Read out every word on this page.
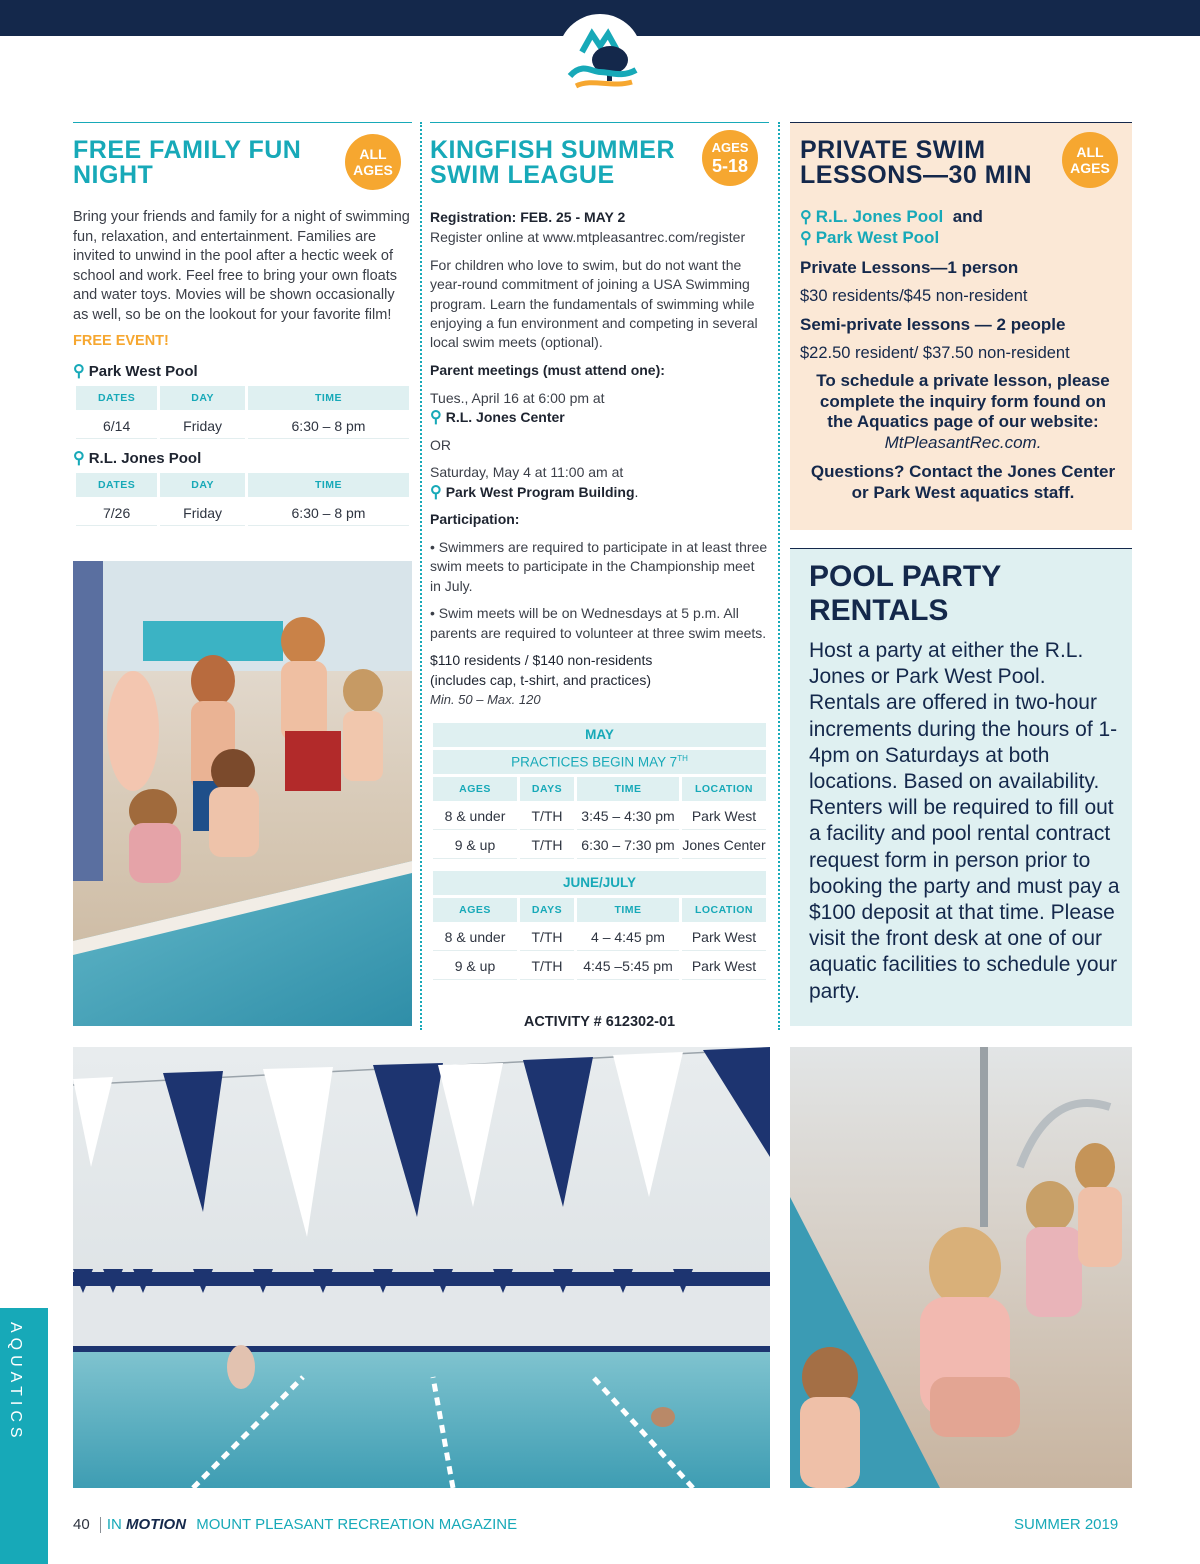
FREE FAMILY FUN
NIGHT
ALL
AGES

Bring your friends and family for a night of swimming fun, relaxation, and entertainment. Families are invited to unwind in the pool after a hectic week of school and work. Feel free to bring your own floats and water toys. Movies will be shown occasionally as well, so be on the lookout for your favorite film!

FREE EVENT!
⚲ Park West Pool
DATES	DAY	TIME
6/14	Friday	6:30 – 8 pm
⚲ R.L. Jones Pool
DATES	DAY	TIME
7/26	Friday	6:30 – 8 pm
KINGFISH SUMMER
SWIM LEAGUE
AGES
5-18
Registration: FEB. 25 - MAY 2
Register online at www.mtpleasantrec.com/register

For children who love to swim, but do not want the year-round commitment of joining a USA Swimming program. Learn the fundamentals of swimming while enjoying a fun environment and competing in several local swim meets (optional).

Parent meetings (must attend one):
Tues., April 16 at 6:00 pm at
⚲ R.L. Jones Center
OR
Saturday, May 4 at 11:00 am at
⚲ Park West Program Building.
Participation:

• Swimmers are required to participate in at least three swim meets to participate in the Championship meet in July.

• Swim meets will be on Wednesdays at 5 p.m. All parents are required to volunteer at three swim meets.

$110 residents / $140 non-residents
(includes cap, t-shirt, and practices)
Min. 50 – Max. 120
MAY			
PRACTICES BEGIN MAY 7TH
AGES	DAYS	TIME	LOCATION
8 & under	T/TH	3:45 – 4:30 pm	Park West
9 & up	T/TH	6:30 – 7:30 pm	Jones Center
JUNE/JULY			
AGES	DAYS	TIME	LOCATION
8 & under	T/TH	4 – 4:45 pm	Park West
9 & up	T/TH	4:45 –5:45 pm	Park West
ACTIVITY # 612302-01
PRIVATE SWIM
LESSONS—30 MIN
ALL
AGES
⚲ R.L. Jones Pool and
⚲ Park West Pool
Private Lessons—1 person
$30 residents/$45 non-resident
Semi-private lessons — 2 people
$22.50 resident/ $37.50 non-resident
To schedule a private lesson, please
complete the inquiry form found on
the Aquatics page of our website:
MtPleasantRec.com.
Questions? Contact the Jones Center
or Park West aquatics staff.
POOL PARTY
RENTALS

Host a party at either the R.L. Jones or Park West Pool. Rentals are offered in two-hour increments during the hours of 1-4pm on Saturdays at both locations. Based on availability. Renters will be required to fill out a facility and pool rental contract request form in person prior to booking the party and must pay a $100 deposit at that time. Please visit the front desk at one of our aquatic facilities to schedule your party.

AQUATICS
40 IN MOTION MOUNT PLEASANT RECREATION MAGAZINE	SUMMER 2019
